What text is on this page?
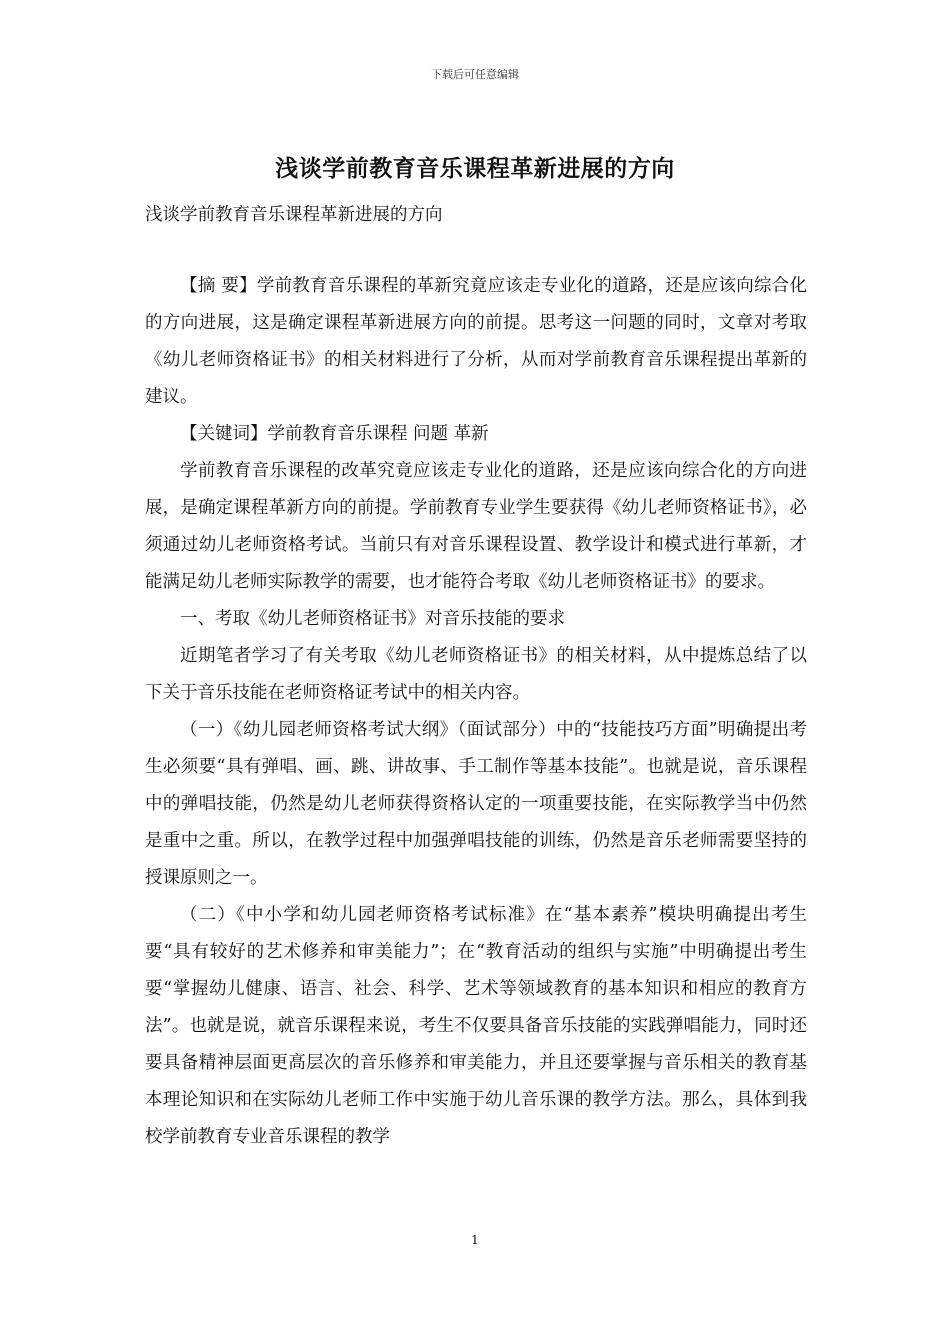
下载后可任意编辑
浅谈学前教育音乐课程革新进展的方向
浅谈学前教育音乐课程革新进展的方向

【摘 要】学前教育音乐课程的革新究竟应该走专业化的道路，还是应该向综合化的方向进展，这是确定课程革新进展方向的前提。思考这一问题的同时，文章对考取《幼儿老师资格证书》的相关材料进行了分析，从而对学前教育音乐课程提出革新的建议。

【关键词】学前教育音乐课程 问题 革新

学前教育音乐课程的改革究竟应该走专业化的道路，还是应该向综合化的方向进展，是确定课程革新方向的前提。学前教育专业学生要获得《幼儿老师资格证书》，必须通过幼儿老师资格考试。当前只有对音乐课程设置、教学设计和模式进行革新，才能满足幼儿老师实际教学的需要，也才能符合考取《幼儿老师资格证书》的要求。

一、考取《幼儿老师资格证书》对音乐技能的要求

近期笔者学习了有关考取《幼儿老师资格证书》的相关材料，从中提炼总结了以下关于音乐技能在老师资格证考试中的相关内容。

（一）《幼儿园老师资格考试大纲》（面试部分）中的“技能技巧方面”明确提出考生必须要“具有弹唱、画、跳、讲故事、手工制作等基本技能”。也就是说，音乐课程中的弹唱技能，仍然是幼儿老师获得资格认定的一项重要技能，在实际教学当中仍然是重中之重。所以，在教学过程中加强弹唱技能的训练，仍然是音乐老师需要坚持的授课原则之一。

（二）《中小学和幼儿园老师资格考试标准》在“基本素养”模块明确提出考生要“具有较好的艺术修养和审美能力”；在“教育活动的组织与实施”中明确提出考生要“掌握幼儿健康、语言、社会、科学、艺术等领域教育的基本知识和相应的教育方法”。也就是说，就音乐课程来说，考生不仅要具备音乐技能的实践弹唱能力，同时还要具备精神层面更高层次的音乐修养和审美能力，并且还要掌握与音乐相关的教育基本理论知识和在实际幼儿老师工作中实施于幼儿音乐课的教学方法。那么，具体到我校学前教育专业音乐课程的教学

1
